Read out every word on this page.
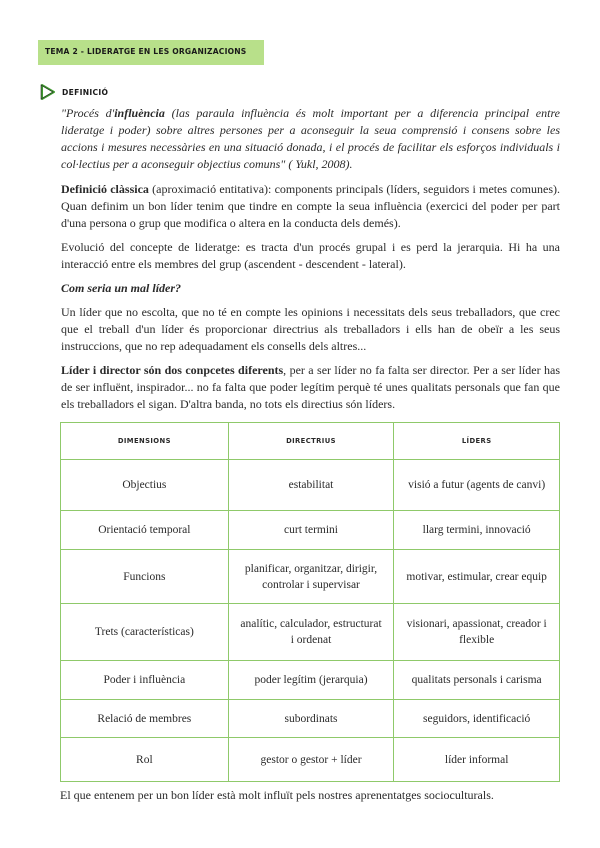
TEMA 2 - LIDERATGE EN LES ORGANIZACIONS
DEFINICIÓ

"Procés d'influència (las paraula influència és molt important per a diferencia principal entre lideratge i poder) sobre altres persones per a aconseguir la seua comprensió i consens sobre les accions i mesures necessàries en una situació donada, i el procés de facilitar els esforços individuals i col·lectius per a aconseguir objectius comuns" ( Yukl, 2008).

Definició clàssica (aproximació entitativa): components principals (líders, seguidors i metes comunes). Quan definim un bon líder tenim que tindre en compte la seua influència (exercici del poder per part d'una persona o grup que modifica o altera en la conducta dels demés).

Evolució del concepte de lideratge: es tracta d'un procés grupal i es perd la jerarquia. Hi ha una interacció entre els membres del grup (ascendent - descendent - lateral).

Com seria un mal líder?

Un líder que no escolta, que no té en compte les opinions i necessitats dels seus treballadors, que crec que el treball d'un líder és proporcionar directrius als treballadors i ells han de obeïr a les seus instruccions, que no rep adequadament els consells dels altres...

Líder i director són dos conpcetes diferents, per a ser líder no fa falta ser director. Per a ser líder has de ser influënt, inspirador... no fa falta que poder legítim perquè té unes qualitats personals que fan que els treballadors el sigan. D'altra banda, no tots els directius són líders.

DIMENSIONS	DIRECTRIUS	LÍDERS
Objectius	estabilitat	visió a futur (agents de canvi)
Orientació temporal	curt termini	llarg termini, innovació
Funcions	planificar, organitzar, dirigir, controlar i supervisar	motivar, estimular, crear equip
Trets (características)	analític, calculador, estructurat i ordenat	visionari, apassionat, creador i flexible
Poder i influència	poder legítim (jerarquia)	qualitats personals i carisma
Relació de membres	subordinats	seguidors, identificació
Rol	gestor o gestor + líder	líder informal
El que entenem per un bon líder està molt influït pels nostres aprenentatges socioculturals.
